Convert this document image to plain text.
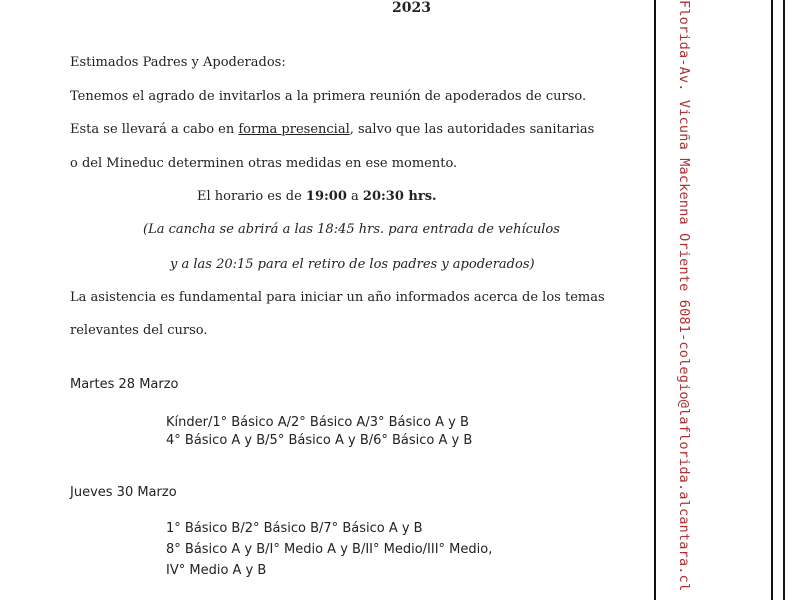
2023
Estimados Padres y Apoderados:
Tenemos el agrado de invitarlos a la primera reunión de apoderados de curso.
Esta se llevará a cabo en forma presencial, salvo que las autoridades sanitarias
o del Mineduc determinen otras medidas en ese momento.
El horario es de 19:00 a 20:30 hrs.
(La cancha se abrirá a las 18:45 hrs. para entrada de vehículos
y a las 20:15 para el retiro de los padres y apoderados)
La asistencia es fundamental para iniciar un año informados acerca de los temas
relevantes del curso.
Martes 28 Marzo
Kínder/1° Básico A/2° Básico A/3° Básico A y B
4° Básico A y B/5° Básico A y B/6° Básico A y B
Jueves 30 Marzo
1° Básico B/2° Básico B/7° Básico A y B
8° Básico A y B/I° Medio A y B/II° Medio/III° Medio,
IV° Medio A y B	Florida-Av. Vicuña Mackenna Oriente 6081-colegio@laflorida.alcantara.cl
